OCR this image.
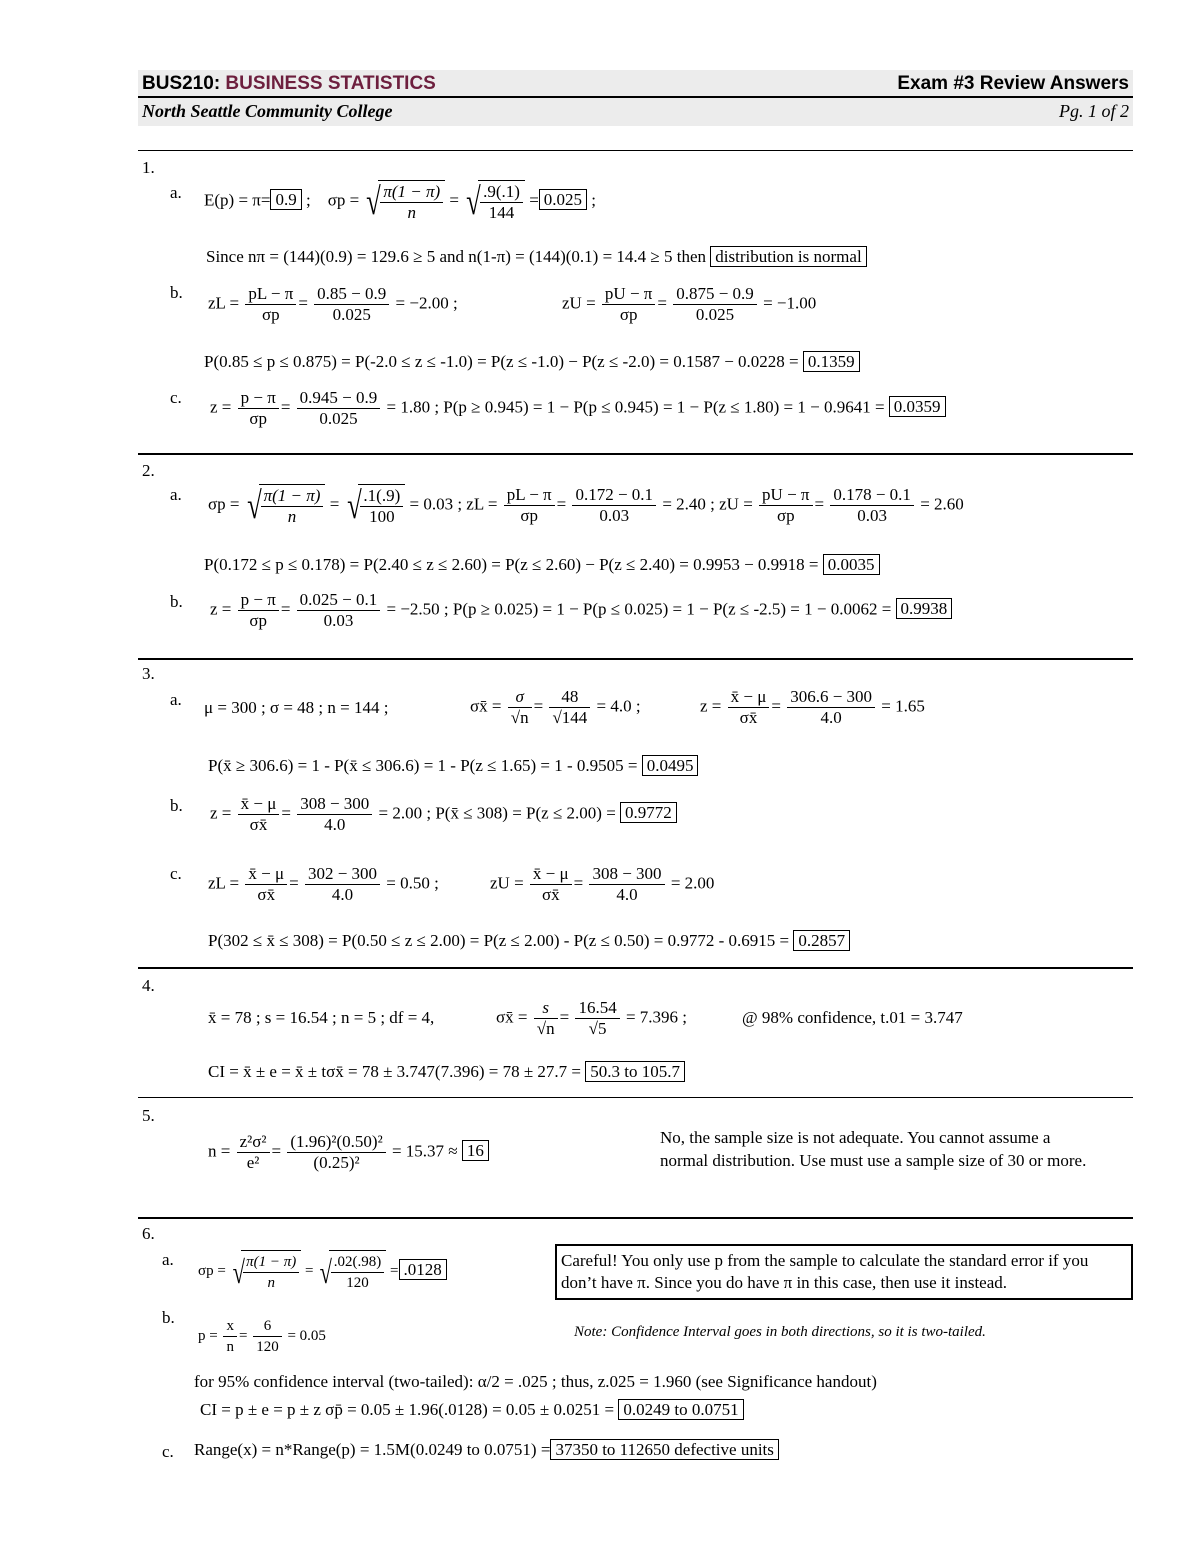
BUS210: BUSINESS STATISTICS	Exam #3 Review Answers
North Seattle Community College	Pg. 1 of 2
1.
a. E(p) = π= 0.9 ;    σp = √ $\frac{\pi(1 - \pi)}{n}$ = √ $\frac{.9(.1)}{144} = 0.025$ ;
Since nπ = (144)(0.9) = 129.6 ≥ 5 and n(1-π) = (144)(0.1) = 14.4 ≥ 5 then distribution is normal
b.
zL = $\frac{pL - \pi}{\sigma p} = \frac{0.85 - 0.9}{0.025} = -2.00$ ;	zU = $\frac{pU - \pi}{\sigma p} = \frac{0.875 - 0.9}{0.025} = -1.00$
P(0.85 ≤ p ≤ 0.875) = P(-2.0 ≤ z ≤ -1.0) = P(z ≤ -1.0) − P(z ≤ -2.0) = 0.1587 − 0.0228 = 0.1359
c. $z = \frac{p - \pi}{\sigma p} = \frac{0.945 - 0.9}{0.025} = 1.80$ ; P(p ≥ 0.945) = 1 − P(p ≤ 0.945) = 1 − P(z ≤ 1.80) = 1 − 0.9641 = 0.0359
2.
a. σp = √ $\frac{\pi(1 - \pi)}{n}$ = √ $\frac{.1(.9)}{100} = 0.03$ ; zL = $\frac{pL - \pi}{\sigma p} = \frac{0.172 - 0.1}{0.03} = 2.40$ ; zU = $\frac{pU - \pi}{\sigma p} = \frac{0.178 - 0.1}{0.03} = 2.60$
P(0.172 ≤ p ≤ 0.178) = P(2.40 ≤ z ≤ 2.60) = P(z ≤ 2.60) − P(z ≤ 2.40) = 0.9953 − 0.9918 = 0.0035
b. $z = \frac{p - \pi}{\sigma p} = \frac{0.025 - 0.1}{0.03} = -2.50$ ; P(p ≥ 0.025) = 1 − P(p ≤ 0.025) = 1 − P(z ≤ -2.5) = 1 − 0.0062 = 0.9938
3.
a. μ = 300 ; σ = 48 ; n = 144 ;	σx̄ = $\frac{\sigma}{√n} = \frac{48}{√144} = 4.0$ ;	$z = \frac{x̄ - \mu}{\sigma x̄} = \frac{306.6 - 300}{4.0} = 1.65$
P(x̄ ≥ 306.6) = 1 - P(x̄ ≤ 306.6) = 1 - P(z ≤ 1.65) = 1 - 0.9505 = 0.0495
b. $z = \frac{x̄ - \mu}{\sigma x̄} = \frac{308 - 300}{4.0} = 2.00$ ; P(x̄ ≤ 308) = P(z ≤ 2.00) = 0.9772
c. zL = $\frac{x̄ - \mu}{\sigma x̄} = \frac{302 - 300}{4.0} = 0.50$ ;	zU = $\frac{x̄ - \mu}{\sigma x̄} = \frac{308 - 300}{4.0} = 2.00$
P(302 ≤ x̄ ≤ 308) = P(0.50 ≤ z ≤ 2.00) = P(z ≤ 2.00) - P(z ≤ 0.50) = 0.9772 - 0.6915 = 0.2857
4.
x̄ = 78 ; s = 16.54 ; n = 5 ; df = 4,	σx̄ = $\frac{s}{√n} = \frac{16.54}{√5} = 7.396$ ;	@ 98% confidence, t.01 = 3.747
CI = x̄ ± e = x̄ ± tσx̄ = 78 ± 3.747(7.396) = 78 ± 27.7 = 50.3 to 105.7
5.
$n = \frac{\text{z²σ²}}{\text{e²}} = \frac{\text{(1.96)²(0.50)²}}{\text{(0.25)²}} = 15.37 \approx 16$
No, the sample size is not adequate. You cannot assume a normal distribution. Use must use a sample size of 30 or more.
6.
a.
σp = √
$\frac{\pi(1 - \pi)}{n}$ = √
$\frac{.02(.98)}{120} = .0128$	Careful! You only use p from the sample to calculate the standard error if you don’t have π. Since you do have π in this case, then use it instead.
b.
$p = \frac{x}{n} = \frac{6}{120} = 0.05$	Note: Confidence Interval goes in both directions, so it is two-tailed.
for 95% confidence interval (two-tailed): α/2 = .025 ; thus, z.025 = 1.960 (see Significance handout)
CI = p ± e = p ± z σp̄ = 0.05 ± 1.96(.0128) = 0.05 ± 0.0251 = 0.0249 to 0.0751
c. Range(x) = n*Range(p) = 1.5M(0.0249 to 0.0751) = 37350 to 112650 defective units
